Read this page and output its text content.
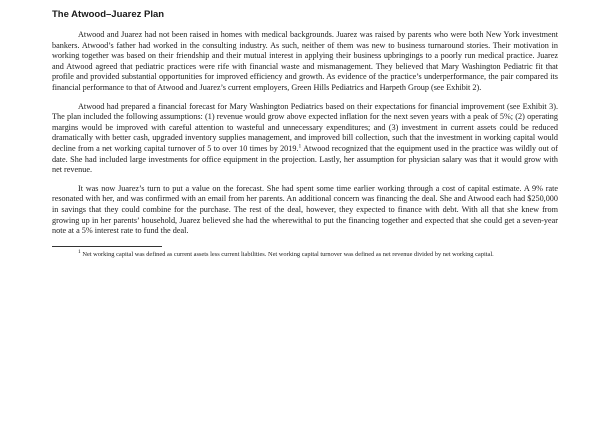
The Atwood–Juarez Plan

Atwood and Juarez had not been raised in homes with medical backgrounds. Juarez was raised by parents who were both New York investment bankers. Atwood’s father had worked in the consulting industry. As such, neither of them was new to business turnaround stories. Their motivation in working together was based on their friendship and their mutual interest in applying their business upbringings to a poorly run medical practice. Juarez and Atwood agreed that pediatric practices were rife with financial waste and mismanagement. They believed that Mary Washington Pediatric fit that profile and provided substantial opportunities for improved efficiency and growth. As evidence of the practice’s underperformance, the pair compared its financial performance to that of Atwood and Juarez’s current employers, Green Hills Pediatrics and Harpeth Group (see Exhibit 2).

Atwood had prepared a financial forecast for Mary Washington Pediatrics based on their expectations for financial improvement (see Exhibit 3). The plan included the following assumptions: (1) revenue would grow above expected inflation for the next seven years with a peak of 5%; (2) operating margins would be improved with careful attention to wasteful and unnecessary expenditures; and (3) investment in current assets could be reduced dramatically with better cash, upgraded inventory supplies management, and improved bill collection, such that the investment in working capital would decline from a net working capital turnover of 5 to over 10 times by 2019.$^1$ Atwood recognized that the equipment used in the practice was wildly out of date. She had included large investments for office equipment in the projection. Lastly, her assumption for physician salary was that it would grow with net revenue.

It was now Juarez’s turn to put a value on the forecast. She had spent some time earlier working through a cost of capital estimate. A 9% rate resonated with her, and was confirmed with an email from her parents. An additional concern was financing the deal. She and Atwood each had $250,000 in savings that they could combine for the purchase. The rest of the deal, however, they expected to finance with debt. With all that she knew from growing up in her parents’ household, Juarez believed she had the wherewithal to put the financing together and expected that she could get a seven-year note at a 5% interest rate to fund the deal.

$^1$ Net working capital was defined as current assets less current liabilities. Net working capital turnover was defined as net revenue divided by net working capital.
